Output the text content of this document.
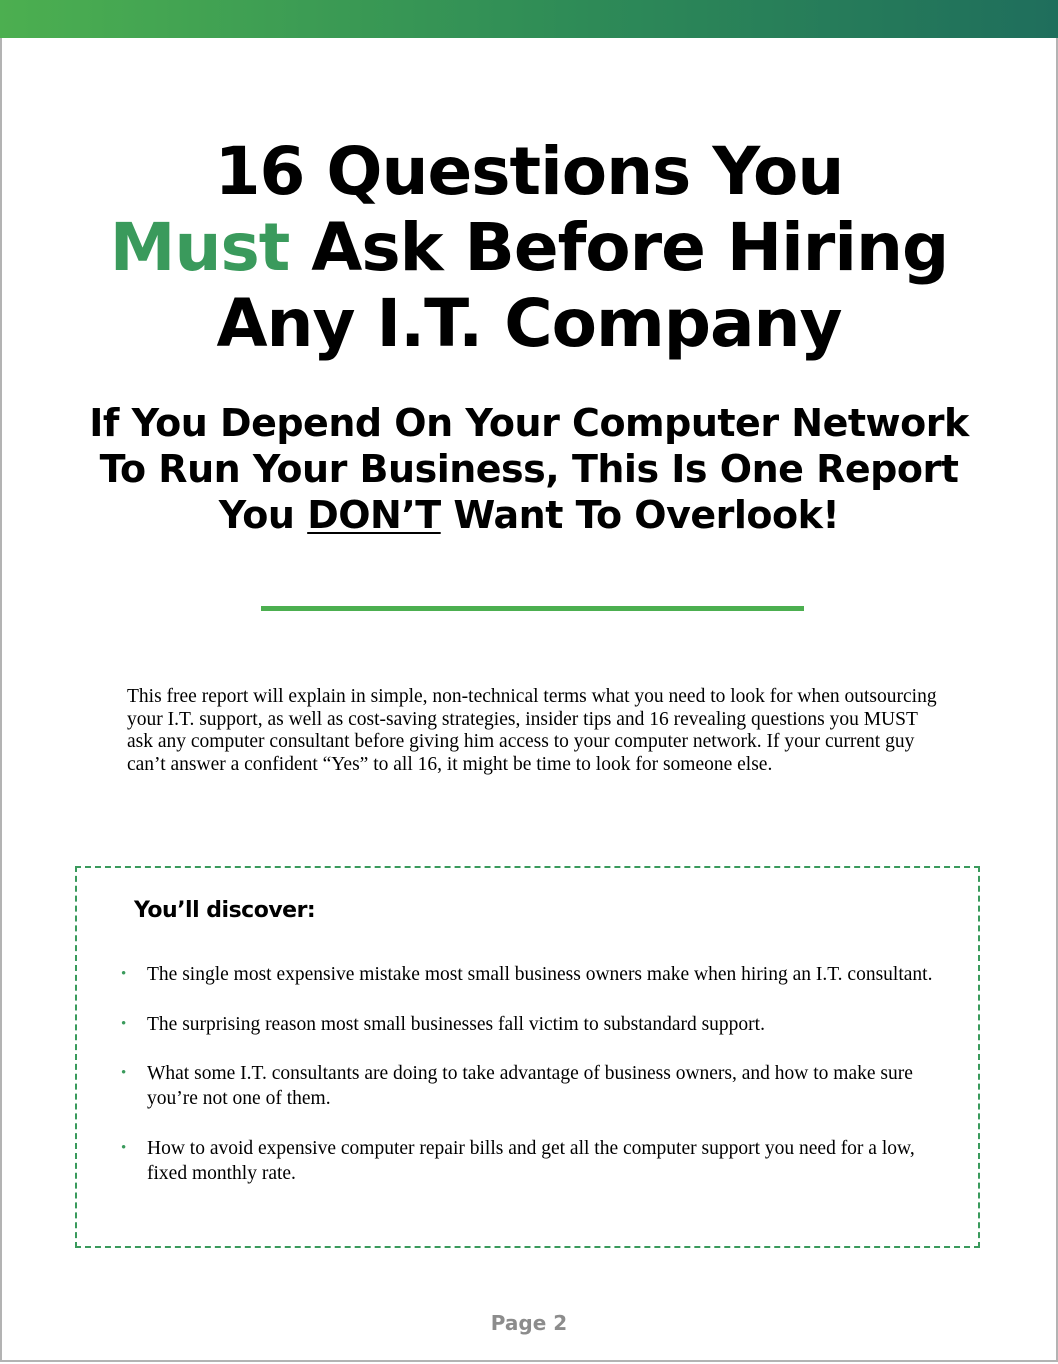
16 Questions You
Must Ask Before Hiring
Any I.T. Company
If You Depend On Your Computer Network
To Run Your Business, This Is One Report
You DON’T Want To Overlook!

This free report will explain in simple, non-technical terms what you need to look for when outsourcing your I.T. support, as well as cost-saving strategies, insider tips and 16 revealing questions you MUST ask any computer consultant before giving him access to your computer network. If your current guy can’t answer a confident “Yes” to all 16, it might be time to look for someone else.

You’ll discover:
• The single most expensive mistake most small business owners make when hiring an I.T. consultant.
• The surprising reason most small businesses fall victim to substandard support.
• What some I.T. consultants are doing to take advantage of business owners, and how to make sure you’re not one of them.
• How to avoid expensive computer repair bills and get all the computer support you need for a low, fixed monthly rate.

Page 2
